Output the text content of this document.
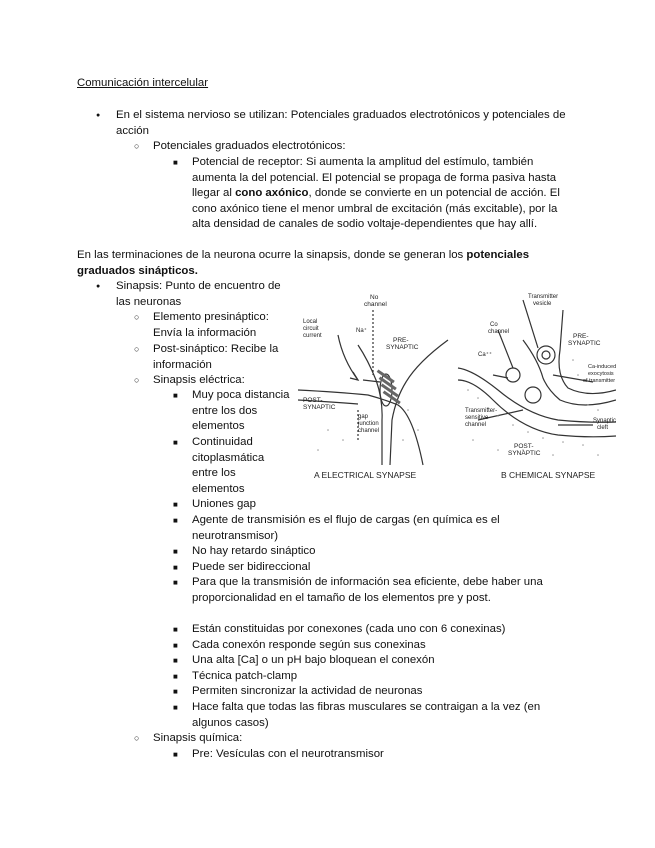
Comunicación intercelular
● En el sistema nervioso se utilizan: Potenciales graduados electrotónicos y potenciales de acción
○ Potenciales graduados electrotónicos:
■ Potencial de receptor: Si aumenta la amplitud del estímulo, también aumenta la del potencial. El potencial se propaga de forma pasiva hasta llegar al cono axónico, donde se convierte en un potencial de acción. El cono axónico tiene el menor umbral de excitación (más excitable), por la alta densidad de canales de sodio voltaje-dependientes que hay allí.
En las terminaciones de la neurona ocurre la sinapsis, donde se generan los potenciales graduados sinápticos.
● Sinapsis: Punto de encuentro de las neuronas
○ Elemento presináptico: Envía la información
○ Post-sináptico: Recibe la información
○ Sinapsis eléctrica:
■ Muy poca distancia entre los dos elementos
■ Continuidad citoplasmática entre los elementos
■ Uniones gap
■ Agente de transmisión es el flujo de cargas (en química es el neurotransmisor)
■ No hay retardo sináptico
■ Puede ser bidireccional
■ Para que la transmisión de información sea eficiente, debe haber una proporcionalidad en el tamaño de los elementos pre y post.
■ Están constituidas por conexones (cada uno con 6 conexinas)
■ Cada conexón responde según sus conexinas
■ Una alta [Ca] o un pH bajo bloquean el conexón
■ Técnica patch-clamp
■ Permiten sincronizar la actividad de neuronas
■ Hace falta que todas las fibras musculares se contraigan a la vez (en algunos casos)
○ Sinapsis química:
■ Pre: Vesículas con el neurotransmisor
No channel
Local circuit current
Na⁺
PRE-SYNAPTIC
POST-SYNAPTIC
gap junction channel
A ELECTRICAL SYNAPSE
Transmitter vesicle
Co channel
Ca⁺⁺
PRE-SYNAPTIC
Ca-induced exocytosis of transmitter
Transmitter-sensitive channel
Synaptic cleft
POST-SYNAPTIC
B CHEMICAL SYNAPSE
